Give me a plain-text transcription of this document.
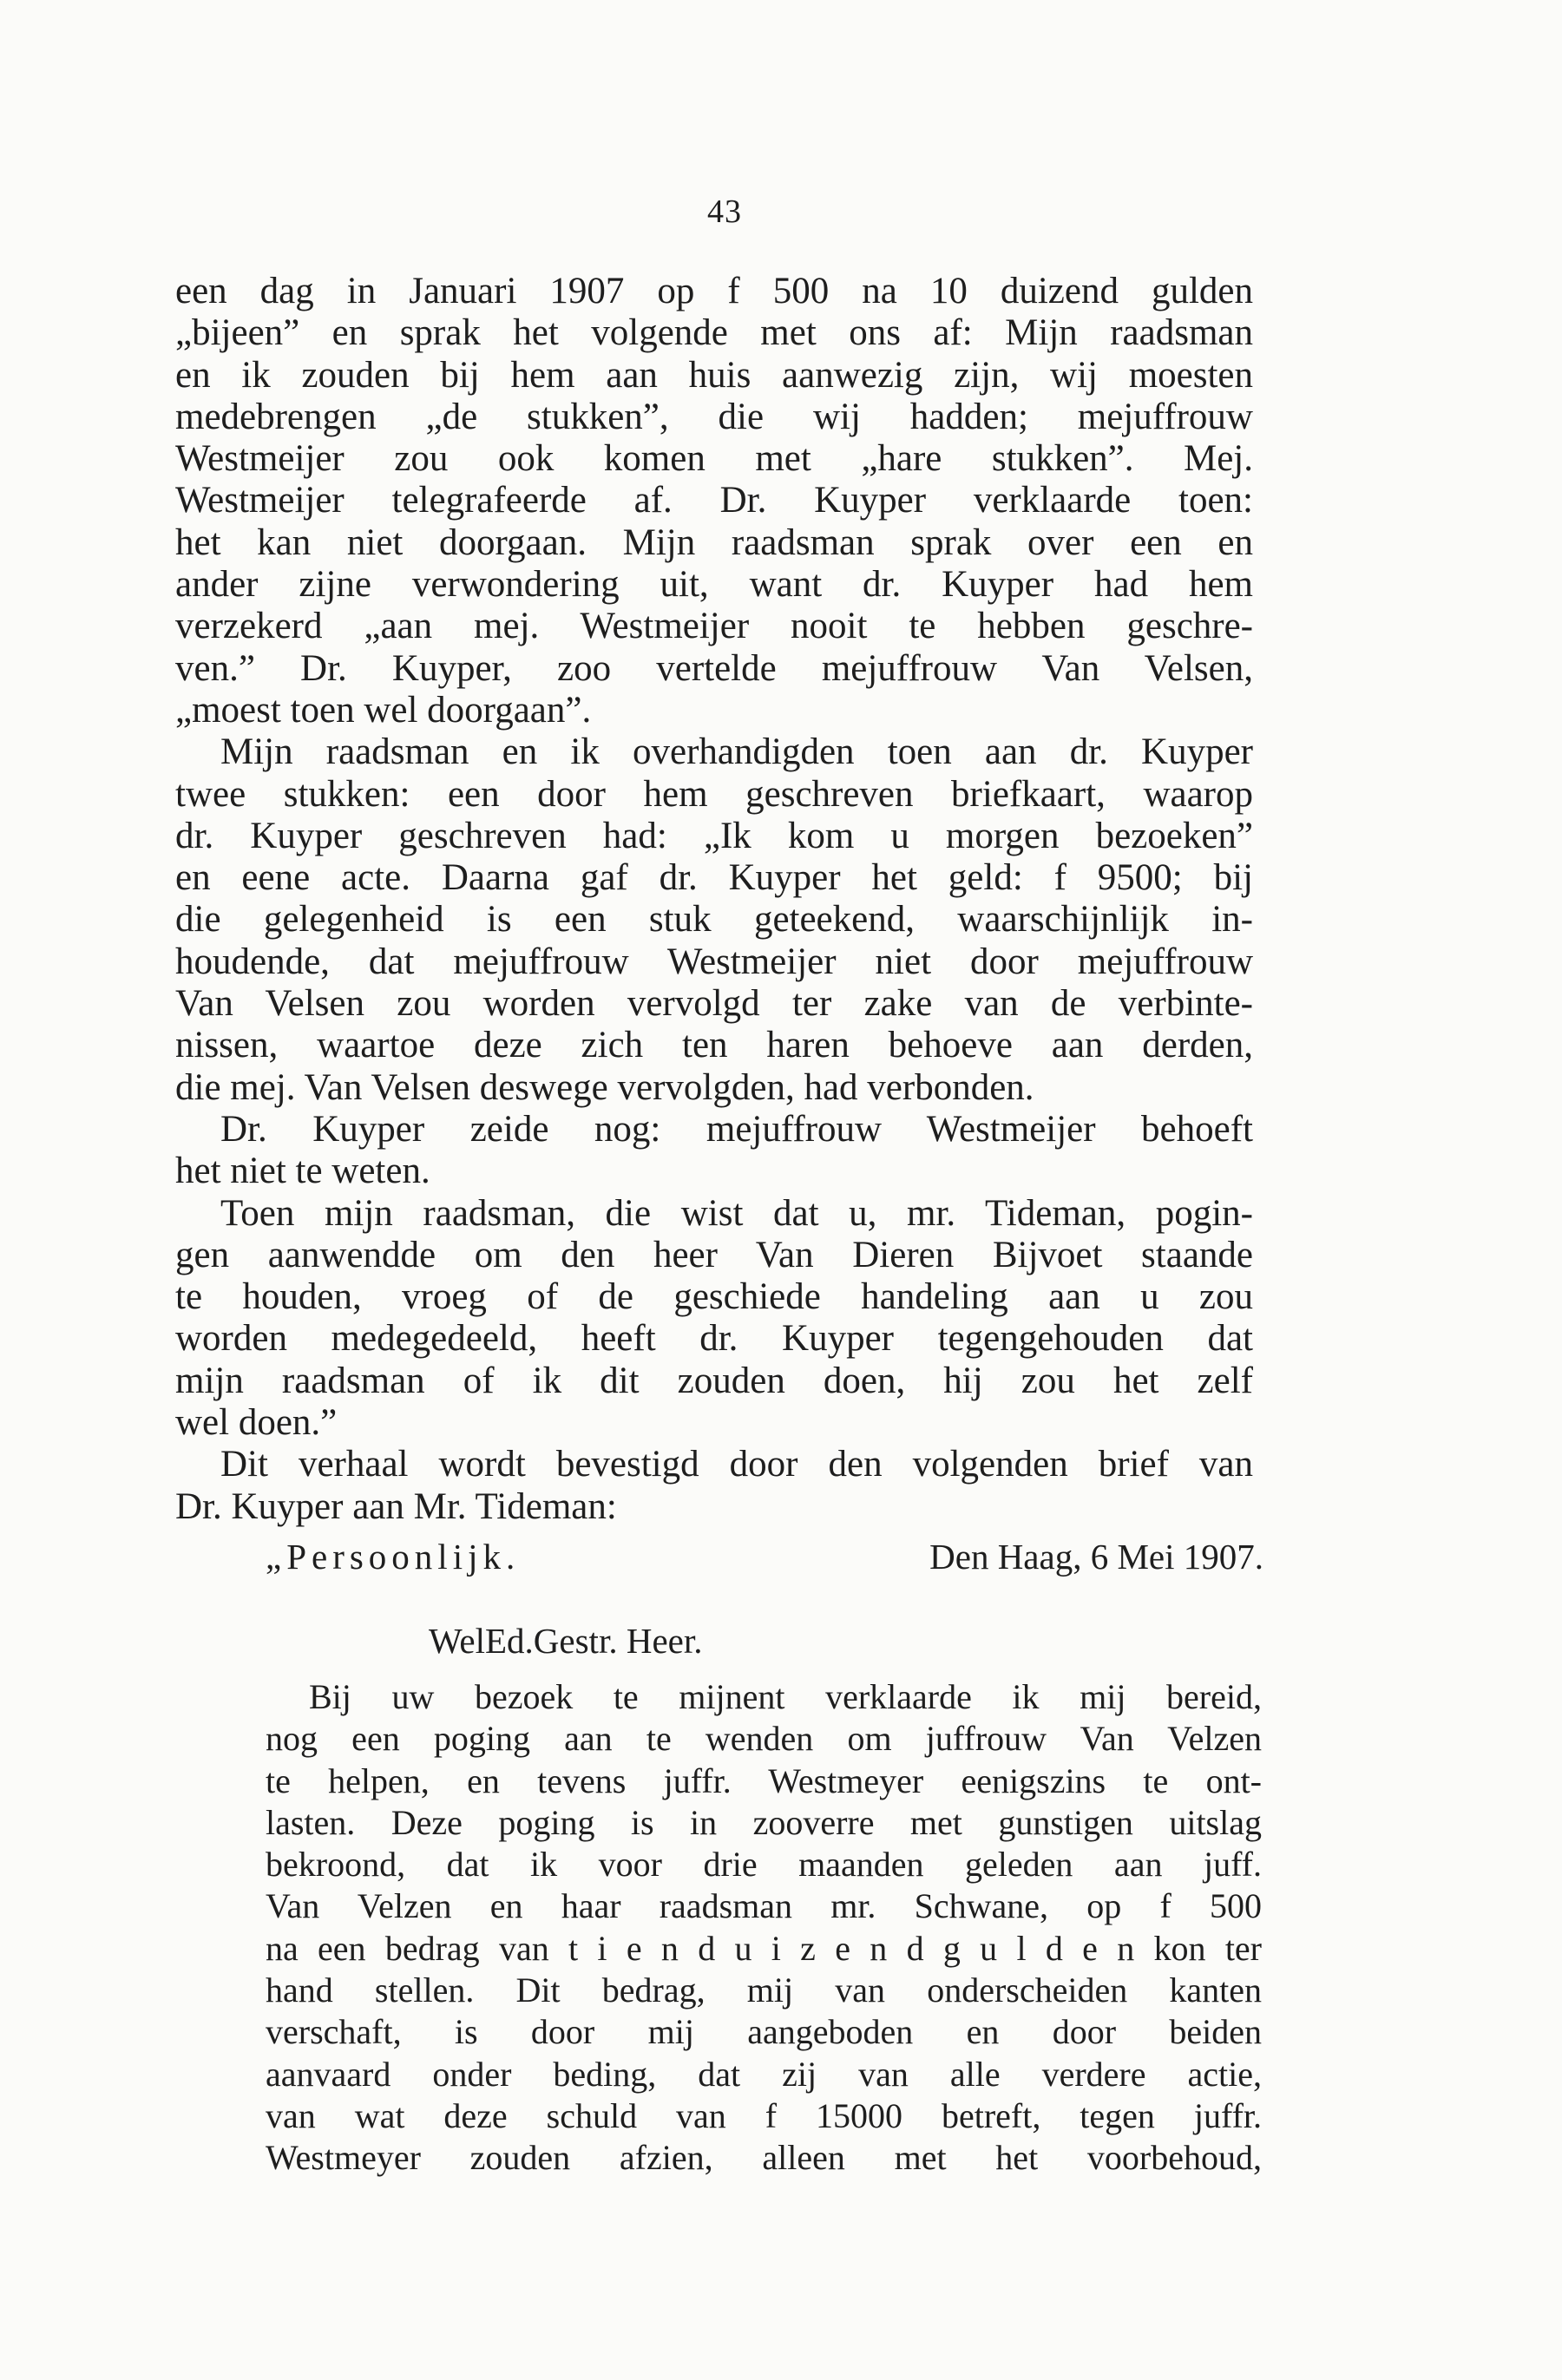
43
een dag in Januari 1907 op f 500 na 10 duizend gulden
„bijeen” en sprak het volgende met ons af: Mijn raadsman
en ik zouden bij hem aan huis aanwezig zijn, wij moesten
medebrengen „de stukken”, die wij hadden; mejuffrouw
Westmeijer zou ook komen met „hare stukken”. Mej.
Westmeijer telegrafeerde af. Dr. Kuyper verklaarde toen:
het kan niet doorgaan. Mijn raadsman sprak over een en
ander zijne verwondering uit, want dr. Kuyper had hem
verzekerd „aan mej. Westmeijer nooit te hebben geschre-
ven.” Dr. Kuyper, zoo vertelde mejuffrouw Van Velsen,
„moest toen wel doorgaan”.
Mijn raadsman en ik overhandigden toen aan dr. Kuyper
twee stukken: een door hem geschreven briefkaart, waarop
dr. Kuyper geschreven had: „Ik kom u morgen bezoeken”
en eene acte. Daarna gaf dr. Kuyper het geld: f 9500; bij
die gelegenheid is een stuk geteekend, waarschijnlijk in-
houdende, dat mejuffrouw Westmeijer niet door mejuffrouw
Van Velsen zou worden vervolgd ter zake van de verbinte-
nissen, waartoe deze zich ten haren behoeve aan derden,
die mej. Van Velsen deswege vervolgden, had verbonden.
Dr. Kuyper zeide nog: mejuffrouw Westmeijer behoeft
het niet te weten.
Toen mijn raadsman, die wist dat u, mr. Tideman, pogin-
gen aanwendde om den heer Van Dieren Bijvoet staande
te houden, vroeg of de geschiede handeling aan u zou
worden medegedeeld, heeft dr. Kuyper tegengehouden dat
mijn raadsman of ik dit zouden doen, hij zou het zelf
wel doen.”
Dit verhaal wordt bevestigd door den volgenden brief van
Dr. Kuyper aan Mr. Tideman:
„Persoonlijk.	Den Haag, 6 Mei 1907.
WelEd.Gestr. Heer.
Bij uw bezoek te mijnent verklaarde ik mij bereid,
nog een poging aan te wenden om juffrouw Van Velzen
te helpen, en tevens juffr. Westmeyer eenigszins te ont-
lasten. Deze poging is in zooverre met gunstigen uitslag
bekroond, dat ik voor drie maanden geleden aan juff.
Van Velzen en haar raadsman mr. Schwane, op f 500
na een bedrag van t i e n d u i z e n d g u l d e n kon ter
hand stellen. Dit bedrag, mij van onderscheiden kanten
verschaft, is door mij aangeboden en door beiden
aanvaard onder beding, dat zij van alle verdere actie,
van wat deze schuld van f 15000 betreft, tegen juffr.
Westmeyer zouden afzien, alleen met het voorbehoud,
